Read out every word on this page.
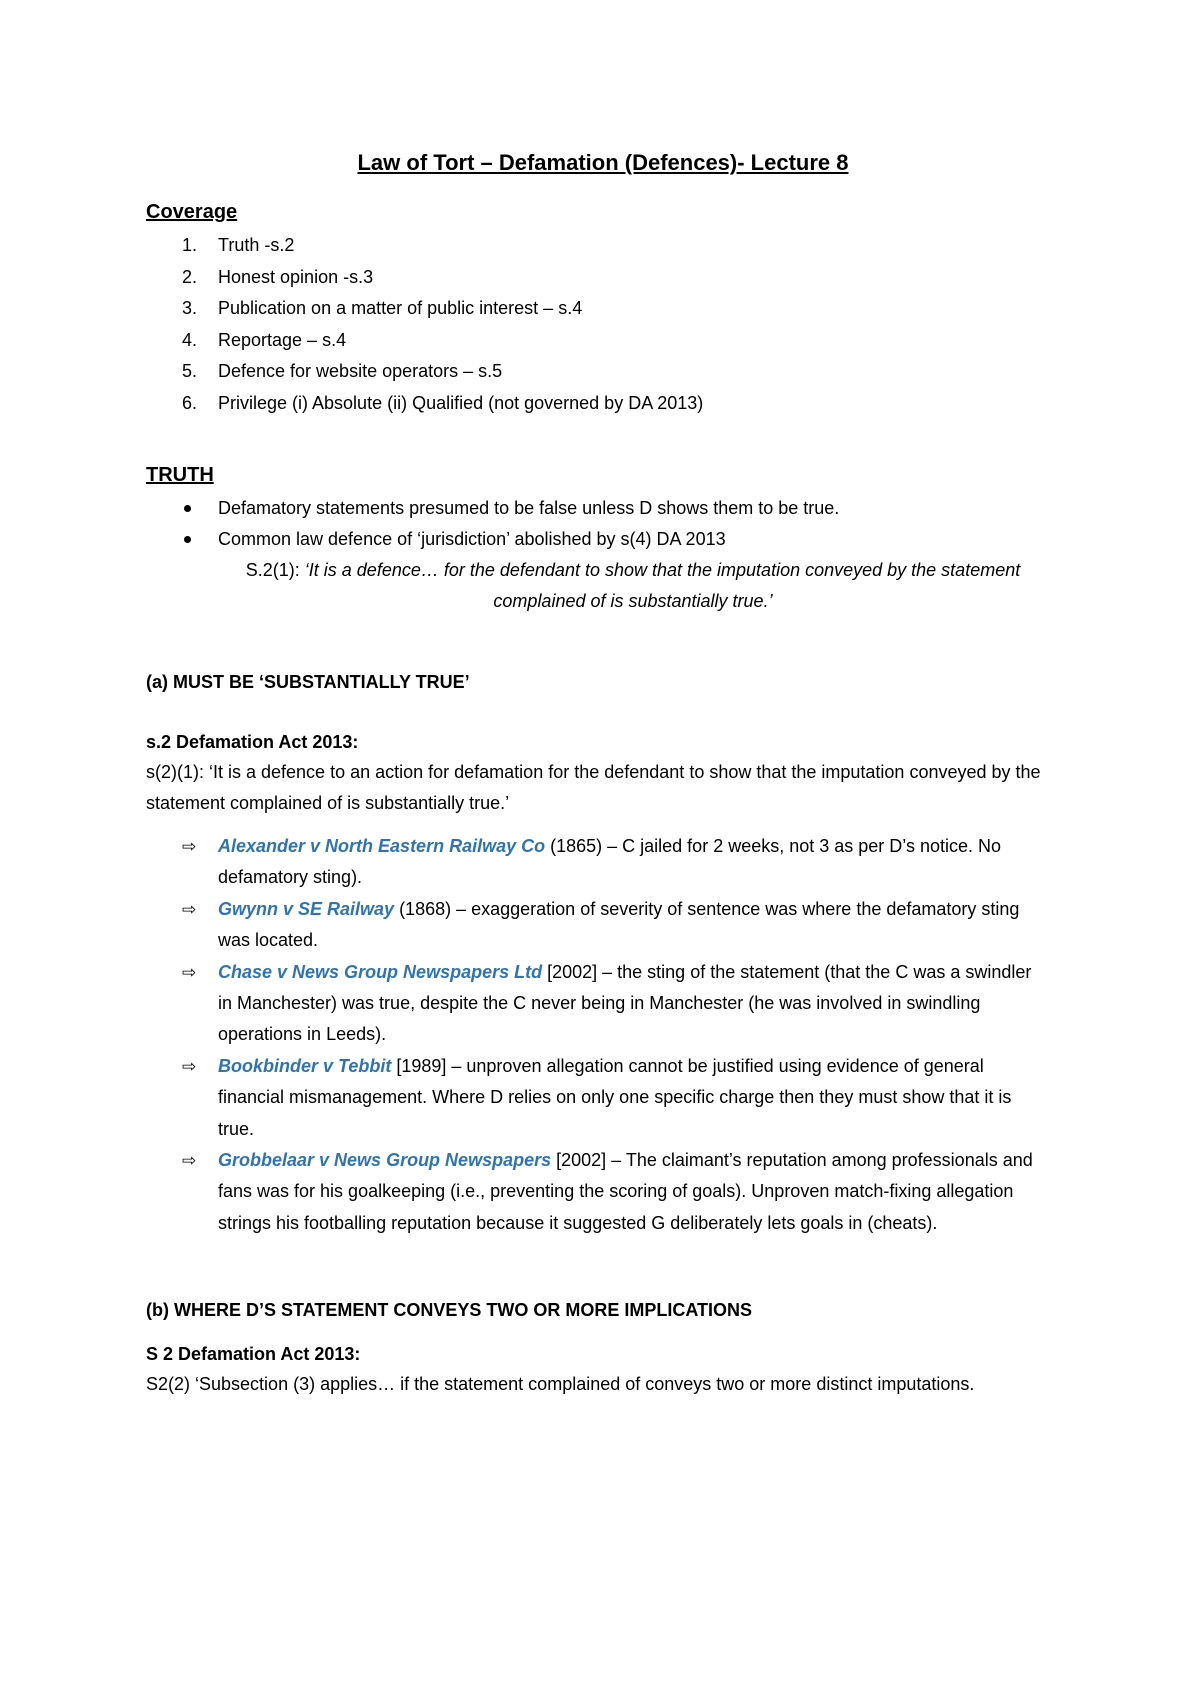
Law of Tort – Defamation (Defences)- Lecture 8
Coverage
1. Truth -s.2
2. Honest opinion -s.3
3. Publication on a matter of public interest – s.4
4. Reportage – s.4
5. Defence for website operators – s.5
6. Privilege (i) Absolute (ii) Qualified (not governed by DA 2013)
TRUTH
Defamatory statements presumed to be false unless D shows them to be true.
Common law defence of ‘jurisdiction’ abolished by s(4) DA 2013
S.2(1): ‘It is a defence… for the defendant to show that the imputation conveyed by the statement complained of is substantially true.’
(a) MUST BE ‘SUBSTANTIALLY TRUE’
s.2 Defamation Act 2013:

s(2)(1): ‘It is a defence to an action for defamation for the defendant to show that the imputation conveyed by the statement complained of is substantially true.’

⇨ Alexander v North Eastern Railway Co (1865) – C jailed for 2 weeks, not 3 as per D’s notice. No defamatory sting).
⇨ Gwynn v SE Railway (1868) – exaggeration of severity of sentence was where the defamatory sting was located.
⇨ Chase v News Group Newspapers Ltd [2002] – the sting of the statement (that the C was a swindler in Manchester) was true, despite the C never being in Manchester (he was involved in swindling operations in Leeds).
⇨ Bookbinder v Tebbit [1989] – unproven allegation cannot be justified using evidence of general financial mismanagement. Where D relies on only one specific charge then they must show that it is true.
⇨ Grobbelaar v News Group Newspapers [2002] – The claimant’s reputation among professionals and fans was for his goalkeeping (i.e., preventing the scoring of goals). Unproven match-fixing allegation strings his footballing reputation because it suggested G deliberately lets goals in (cheats).
(b) WHERE D’S STATEMENT CONVEYS TWO OR MORE IMPLICATIONS
S 2 Defamation Act 2013:

S2(2) ‘Subsection (3) applies… if the statement complained of conveys two or more distinct imputations.
